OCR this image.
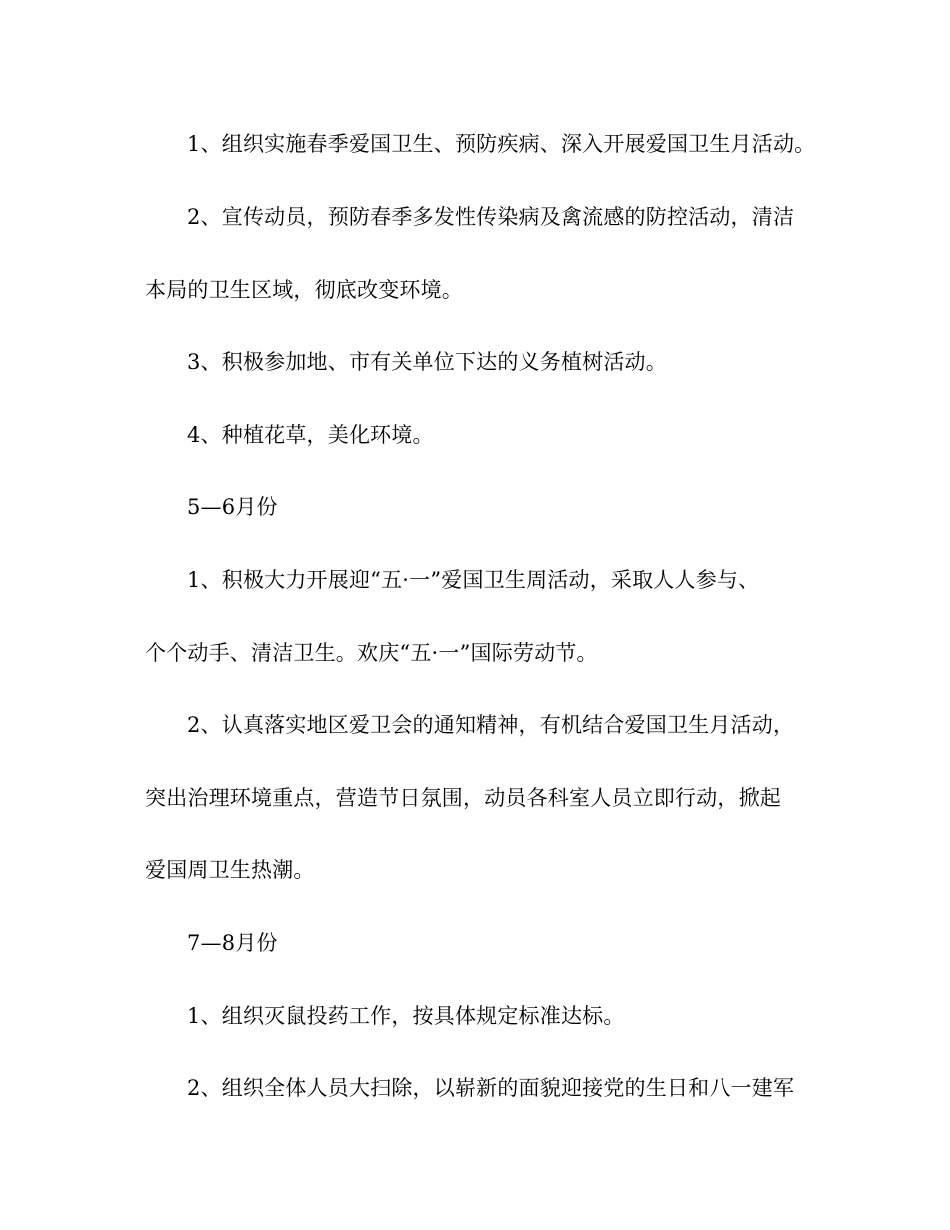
1、组织实施春季爱国卫生、预防疾病、深入开展爱国卫生月活动。
2、宣传动员，预防春季多发性传染病及禽流感的防控活动，清洁
本局的卫生区域，彻底改变环境。
3、积极参加地、市有关单位下达的义务植树活动。
4、种植花草，美化环境。
5—6月份
1、积极大力开展迎“五·一”爱国卫生周活动，采取人人参与、
个个动手、清洁卫生。欢庆“五·一”国际劳动节。
2、认真落实地区爱卫会的通知精神，有机结合爱国卫生月活动，
突出治理环境重点，营造节日氛围，动员各科室人员立即行动，掀起
爱国周卫生热潮。
7—8月份
1、组织灭鼠投药工作，按具体规定标准达标。
2、组织全体人员大扫除，以崭新的面貌迎接党的生日和八一建军
